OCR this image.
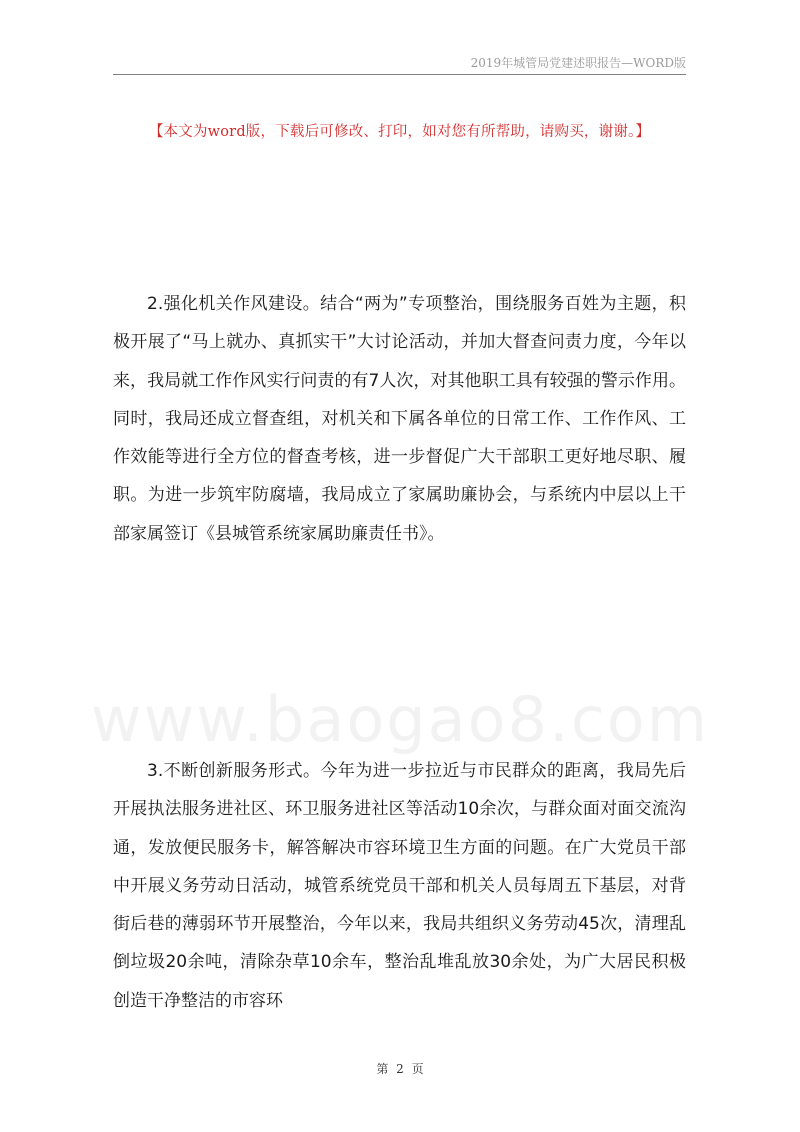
2019年城管局党建述职报告—WORD版
【本文为word版，下载后可修改、打印，如对您有所帮助，请购买，谢谢。】

2.强化机关作风建设。结合“两为”专项整治，围绕服务百姓为主题，积极开展了“马上就办、真抓实干”大讨论活动，并加大督查问责力度，今年以来，我局就工作作风实行问责的有7人次，对其他职工具有较强的警示作用。同时，我局还成立督查组，对机关和下属各单位的日常工作、工作作风、工作效能等进行全方位的督查考核，进一步督促广大干部职工更好地尽职、履职。为进一步筑牢防腐墙，我局成立了家属助廉协会，与系统内中层以上干部家属签订《县城管系统家属助廉责任书》。

www.baogao8.com

3.不断创新服务形式。今年为进一步拉近与市民群众的距离，我局先后开展执法服务进社区、环卫服务进社区等活动10余次，与群众面对面交流沟通，发放便民服务卡，解答解决市容环境卫生方面的问题。在广大党员干部中开展义务劳动日活动，城管系统党员干部和机关人员每周五下基层，对背街后巷的薄弱环节开展整治，今年以来，我局共组织义务劳动45次，清理乱倒垃圾20余吨，清除杂草10余车，整治乱堆乱放30余处，为广大居民积极创造干净整洁的市容环

第 2 页
